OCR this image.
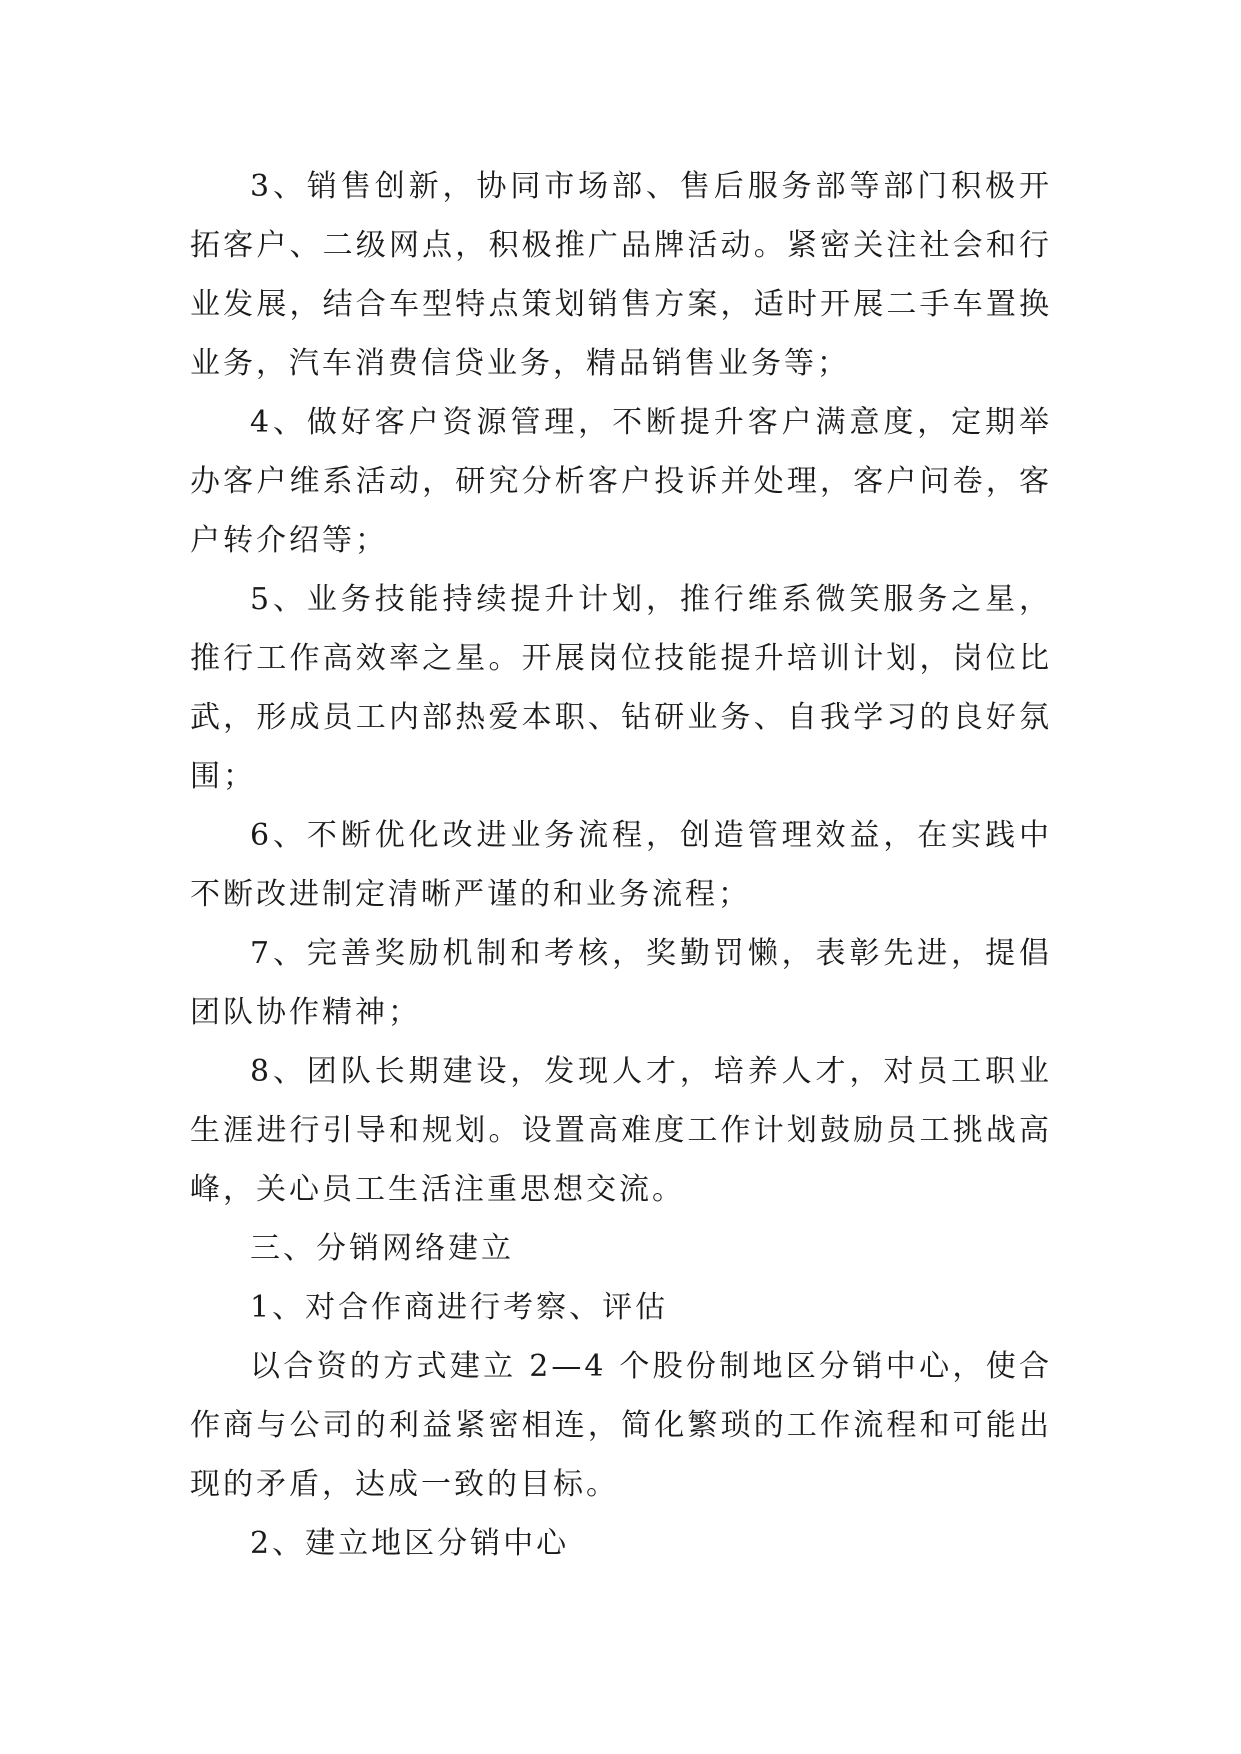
3、销售创新，协同市场部、售后服务部等部门积极开拓客户、二级网点，积极推广品牌活动。紧密关注社会和行业发展，结合车型特点策划销售方案，适时开展二手车置换业务，汽车消费信贷业务，精品销售业务等；

4、做好客户资源管理，不断提升客户满意度，定期举办客户维系活动，研究分析客户投诉并处理，客户问卷，客户转介绍等；

5、业务技能持续提升计划，推行维系微笑服务之星，推行工作高效率之星。开展岗位技能提升培训计划，岗位比武，形成员工内部热爱本职、钻研业务、自我学习的良好氛围；

6、不断优化改进业务流程，创造管理效益，在实践中不断改进制定清晰严谨的和业务流程；

7、完善奖励机制和考核，奖勤罚懒，表彰先进，提倡团队协作精神；

8、团队长期建设，发现人才，培养人才，对员工职业生涯进行引导和规划。设置高难度工作计划鼓励员工挑战高峰，关心员工生活注重思想交流。

三、分销网络建立

1、对合作商进行考察、评估

以合资的方式建立 2—4 个股份制地区分销中心，使合作商与公司的利益紧密相连，简化繁琐的工作流程和可能出现的矛盾，达成一致的目标。

2、建立地区分销中心
